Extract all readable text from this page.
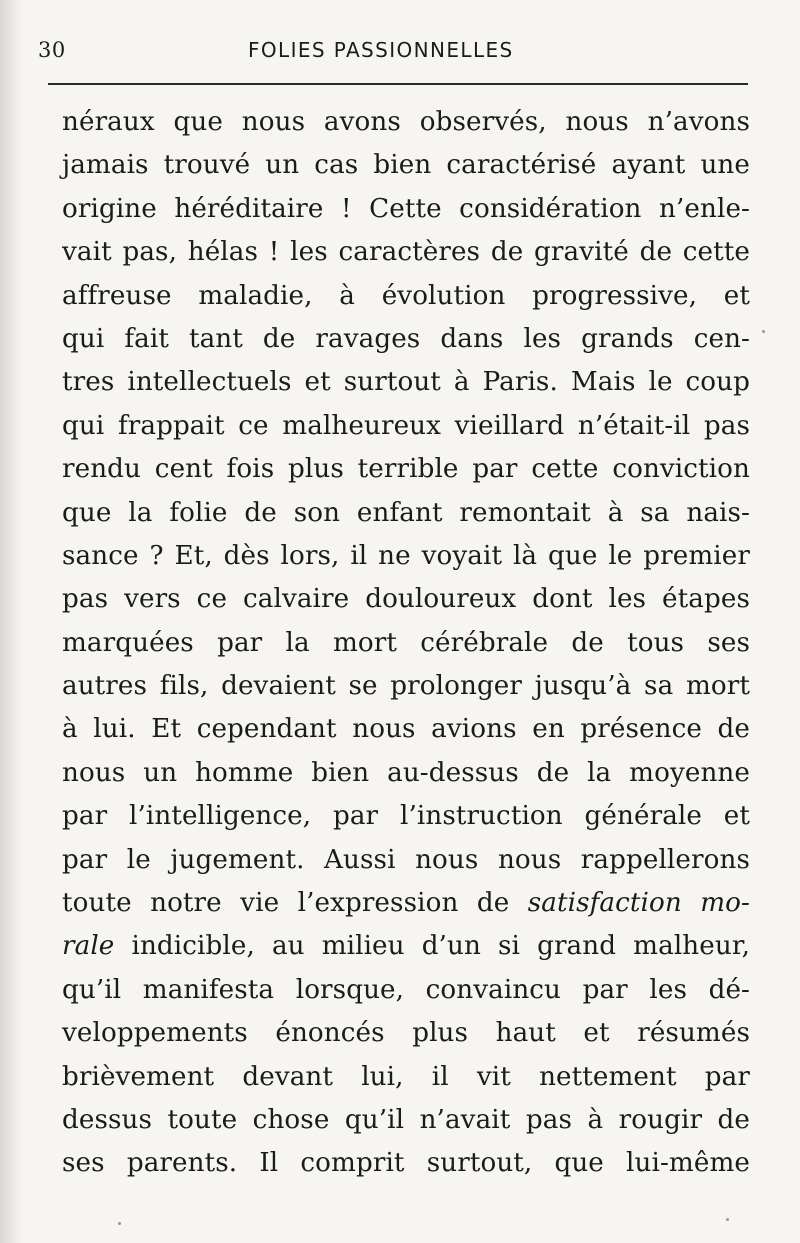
30	FOLIES PASSIONNELLES
néraux que nous avons observés, nous n’avons
jamais trouvé un cas bien caractérisé ayant une
origine héréditaire ! Cette considération n’enle-
vait pas, hélas ! les caractères de gravité de cette
affreuse maladie, à évolution progressive, et
qui fait tant de ravages dans les grands cen-
tres intellectuels et surtout à Paris. Mais le coup
qui frappait ce malheureux vieillard n’était-il pas
rendu cent fois plus terrible par cette conviction
que la folie de son enfant remontait à sa nais-
sance ? Et, dès lors, il ne voyait là que le premier
pas vers ce calvaire douloureux dont les étapes
marquées par la mort cérébrale de tous ses
autres fils, devaient se prolonger jusqu’à sa mort
à lui. Et cependant nous avions en présence de
nous un homme bien au-dessus de la moyenne
par l’intelligence, par l’instruction générale et
par le jugement. Aussi nous nous rappellerons
toute notre vie l’expression de satisfaction mo-
rale indicible, au milieu d’un si grand malheur,
qu’il manifesta lorsque, convaincu par les dé-
veloppements énoncés plus haut et résumés
brièvement devant lui, il vit nettement par
dessus toute chose qu’il n’avait pas à rougir de
ses parents. Il comprit surtout, que lui-même
